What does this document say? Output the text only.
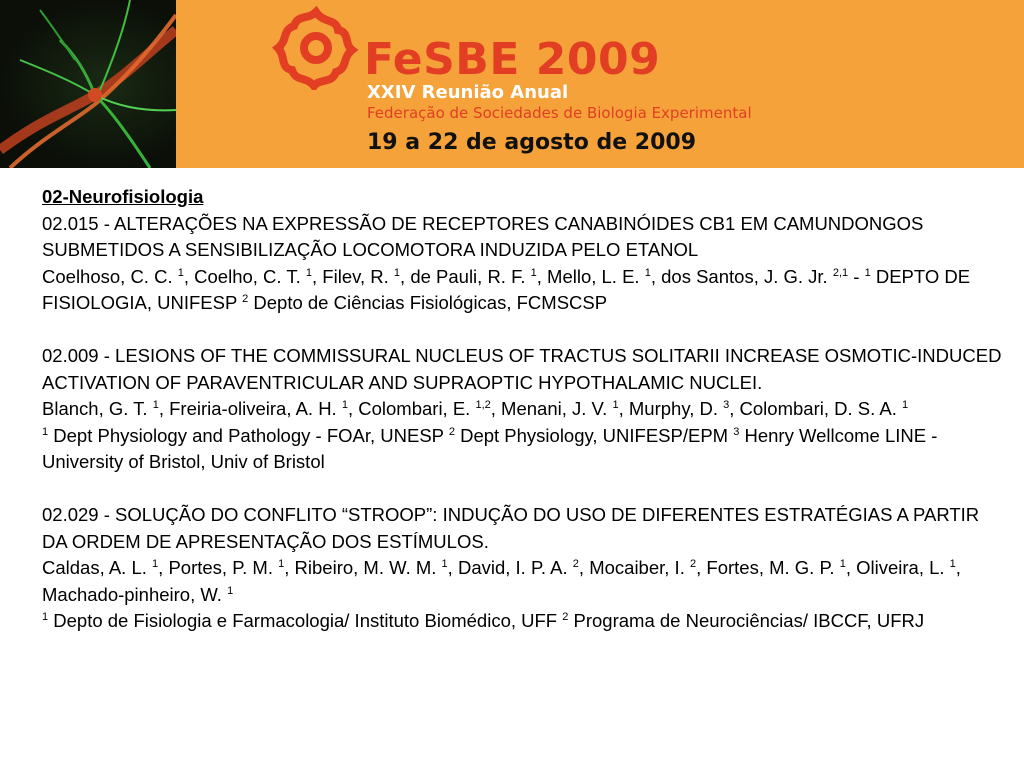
FeSBE 2009
XXIV Reunião Anual
Federação de Sociedades de Biologia Experimental
19 a 22 de agosto de 2009

02-Neurofisiologia

02.015 - ALTERAÇÕES NA EXPRESSÃO DE RECEPTORES CANABINÓIDES CB1 EM CAMUNDONGOS SUBMETIDOS A SENSIBILIZAÇÃO LOCOMOTORA INDUZIDA PELO ETANOL

Coelhoso, C. C. $^1$, Coelho, C. T. $^1$, Filev, R. $^1$, de Pauli, R. F. $^1$, Mello, L. E. $^1$, dos Santos, J. G. Jr. $^{2,1}$ - $^1$ DEPTO DE FISIOLOGIA, UNIFESP $^2$ Depto de Ciências Fisiológicas, FCMSCSP

02.009 - LESIONS OF THE COMMISSURAL NUCLEUS OF TRACTUS SOLITARII INCREASE OSMOTIC-INDUCED ACTIVATION OF PARAVENTRICULAR AND SUPRAOPTIC HYPOTHALAMIC NUCLEI.

Blanch, G. T. $^1$, Freiria-oliveira, A. H. $^1$, Colombari, E. $^{1,2}$, Menani, J. V. $^1$, Murphy, D. $^3$, Colombari, D. S. A. $^1$

$^1$ Dept Physiology and Pathology - FOAr, UNESP $^2$ Dept Physiology, UNIFESP/EPM $^3$ Henry Wellcome LINE - University of Bristol, Univ of Bristol

02.029 - SOLUÇÃO DO CONFLITO “STROOP”: INDUÇÃO DO USO DE DIFERENTES ESTRATÉGIAS A PARTIR DA ORDEM DE APRESENTAÇÃO DOS ESTÍMULOS.

Caldas, A. L. $^1$, Portes, P. M. $^1$, Ribeiro, M. W. M. $^1$, David, I. P. A. $^2$, Mocaiber, I. $^2$, Fortes, M. G. P. $^1$, Oliveira, L. $^1$, Machado-pinheiro, W. $^1$

$^1$ Depto de Fisiologia e Farmacologia/ Instituto Biomédico, UFF $^2$ Programa de Neurociências/ IBCCF, UFRJ
